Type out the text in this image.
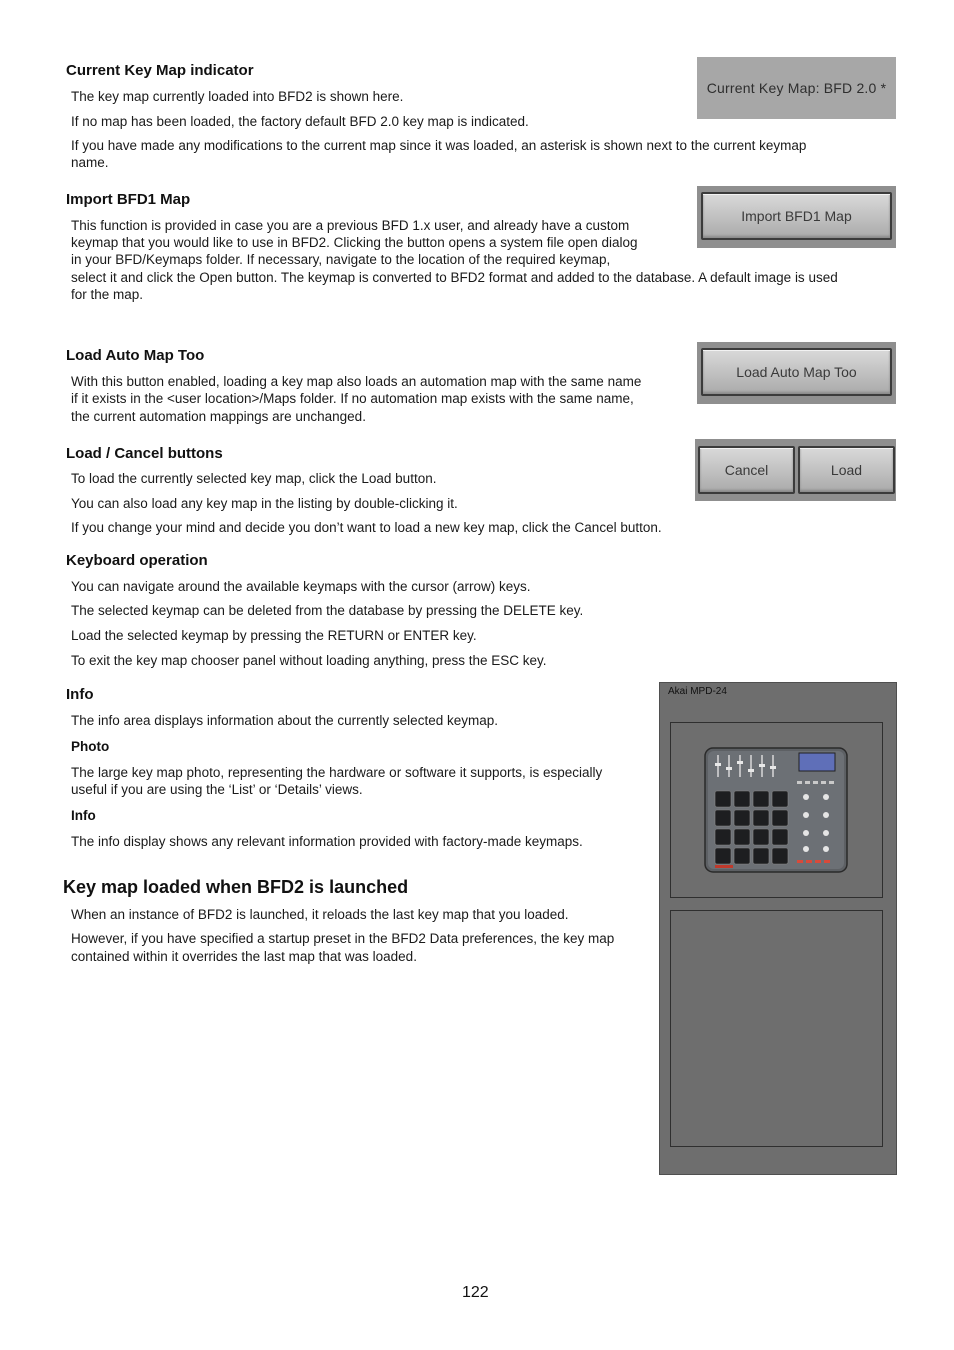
Current Key Map indicator
The key map currently loaded into BFD2 is shown here.
If no map has been loaded, the factory default BFD 2.0 key map is indicated.
If you have made any modifications to the current map since it was loaded, an asterisk is shown next to the current keymap
name.
Current Key Map: BFD 2.0 *
Import BFD1 Map
This function is provided in case you are a previous BFD 1.x user, and already have a custom
keymap that you would like to use in BFD2. Clicking the button opens a system file open dialog
in your BFD/Keymaps folder. If necessary, navigate to the location of the required keymap,
select it and click the Open button. The keymap is converted to BFD2 format and added to the database. A default image is used
for the map.
Import BFD1 Map
Load Auto Map Too
With this button enabled, loading a key map also loads an automation map with the same name
if it exists in the <user location>/Maps folder. If no automation map exists with the same name,
the current automation mappings are unchanged.
Load Auto Map Too
Load / Cancel buttons
To load the currently selected key map, click the Load button.
You can also load any key map in the listing by double-clicking it.
If you change your mind and decide you don’t want to load a new key map, click the Cancel button.
Cancel	Load
Keyboard operation
You can navigate around the available keymaps with the cursor (arrow) keys.
The selected keymap can be deleted from the database by pressing the DELETE key.
Load the selected keymap by pressing the RETURN or ENTER key.
To exit the key map chooser panel without loading anything, press the ESC key.
Info
The info area displays information about the currently selected keymap.
Photo
The large key map photo, representing the hardware or software it supports, is especially
useful if you are using the ‘List’ or ‘Details’ views.
Info
The info display shows any relevant information provided with factory-made keymaps.
Key map loaded when BFD2 is launched
When an instance of BFD2 is launched, it reloads the last key map that you loaded.
However, if you have specified a startup preset in the BFD2 Data preferences, the key map
contained within it overrides the last map that was loaded.
Akai MPD-24
122
